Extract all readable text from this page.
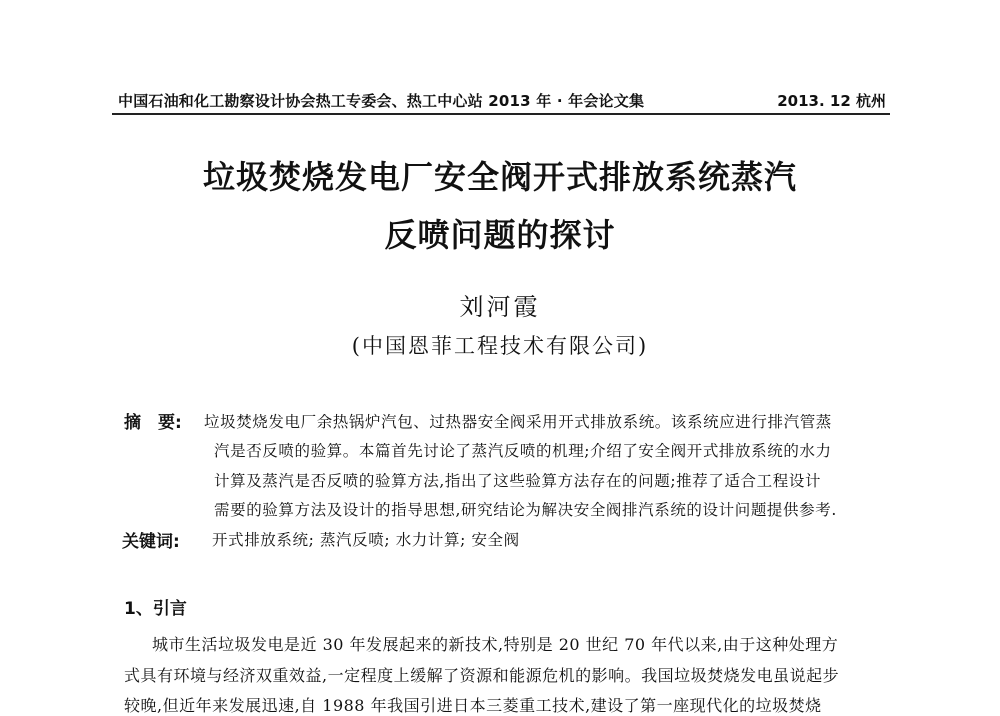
中国石油和化工勘察设计协会热工专委会、热工中心站 2013 年 · 年会论文集	2013. 12 杭州
垃圾焚烧发电厂安全阀开式排放系统蒸汽
反喷问题的探讨
刘河霞
(中国恩菲工程技术有限公司)
摘　要: 垃圾焚烧发电厂余热锅炉汽包、过热器安全阀采用开式排放系统。该系统应进行排汽管蒸
汽是否反喷的验算。本篇首先讨论了蒸汽反喷的机理;介绍了安全阀开式排放系统的水力
计算及蒸汽是否反喷的验算方法,指出了这些验算方法存在的问题;推荐了适合工程设计
需要的验算方法及设计的指导思想,研究结论为解决安全阀排汽系统的设计问题提供参考.
关键词: 开式排放系统; 蒸汽反喷; 水力计算; 安全阀
1、引言
城市生活垃圾发电是近 30 年发展起来的新技术,特别是 20 世纪 70 年代以来,由于这种处理方
式具有环境与经济双重效益,一定程度上缓解了资源和能源危机的影响。我国垃圾焚烧发电虽说起步
较晚,但近年来发展迅速,自 1988 年我国引进日本三菱重工技术,建设了第一座现代化的垃圾焚烧
